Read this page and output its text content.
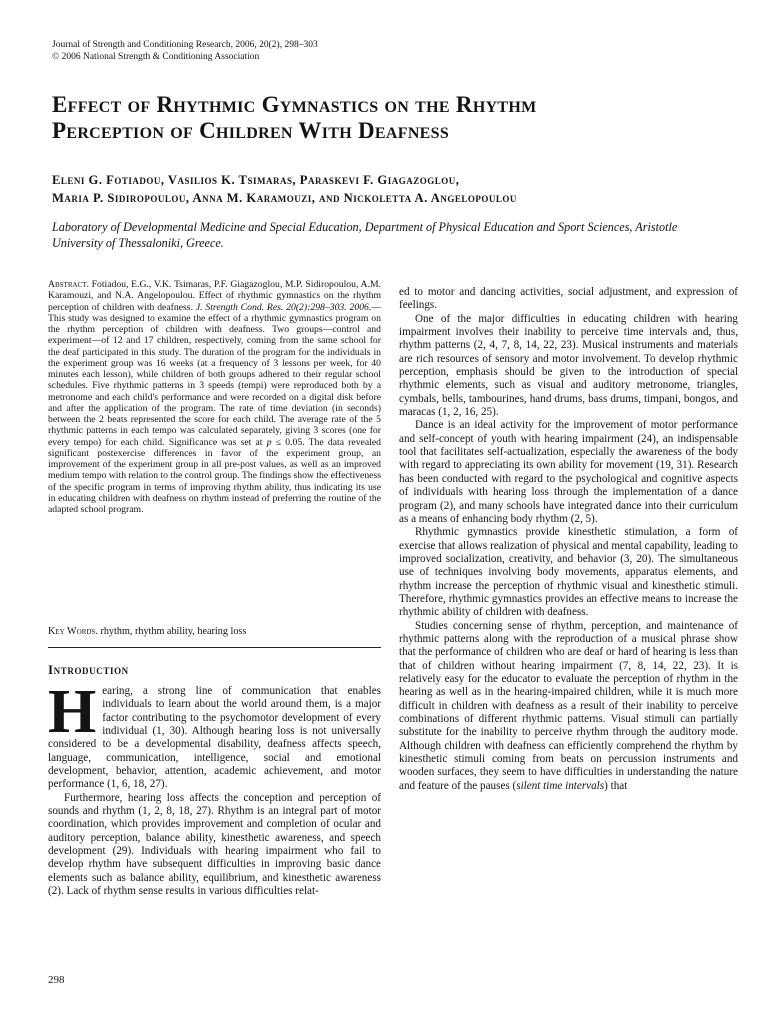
Journal of Strength and Conditioning Research, 2006, 20(2), 298–303
© 2006 National Strength & Conditioning Association
Effect of Rhythmic Gymnastics on the Rhythm
Perception of Children With Deafness
Eleni G. Fotiadou, Vasilios K. Tsimaras, Paraskevi F. Giagazoglou,
Maria P. Sidiropoulou, Anna M. Karamouzi, and Nickoletta A. Angelopoulou
Laboratory of Developmental Medicine and Special Education, Department of Physical Education and Sport Sciences, Aristotle University of Thessaloniki, Greece.
Abstract. Fotiadou, E.G., V.K. Tsimaras, P.F. Giagazoglou, M.P. Sidiropoulou, A.M. Karamouzi, and N.A. Angelopoulou. Effect of rhythmic gymnastics on the rhythm perception of children with deafness. J. Strength Cond. Res. 20(2):298–303. 2006.—This study was designed to examine the effect of a rhythmic gymnastics program on the rhythm perception of children with deafness. Two groups—control and experiment—of 12 and 17 children, respectively, coming from the same school for the deaf participated in this study. The duration of the program for the individuals in the experiment group was 16 weeks (at a frequency of 3 lessons per week, for 40 minutes each lesson), while children of both groups adhered to their regular school schedules. Five rhythmic patterns in 3 speeds (tempi) were reproduced both by a metronome and each child's performance and were recorded on a digital disk before and after the application of the program. The rate of time deviation (in seconds) between the 2 beats represented the score for each child. The average rate of the 5 rhythmic patterns in each tempo was calculated separately, giving 3 scores (one for every tempo) for each child. Significance was set at p ≤ 0.05. The data revealed significant postexercise differences in favor of the experiment group, an improvement of the experiment group in all pre-post values, as well as an improved medium tempo with relation to the control group. The findings show the effectiveness of the specific program in terms of improving rhythm ability, thus indicating its use in educating children with deafness on rhythm instead of preferring the routine of the adapted school program.
Key Words. rhythm, rhythm ability, hearing loss
Introduction

Hearing, a strong line of communication that enables individuals to learn about the world around them, is a major factor contributing to the psychomotor development of every individual (1, 30). Although hearing loss is not universally considered to be a developmental disability, deafness affects speech, language, communication, intelligence, social and emotional development, behavior, attention, academic achievement, and motor performance (1, 6, 18, 27).

Furthermore, hearing loss affects the conception and perception of sounds and rhythm (1, 2, 8, 18, 27). Rhythm is an integral part of motor coordination, which provides improvement and completion of ocular and auditory perception, balance ability, kinesthetic awareness, and speech development (29). Individuals with hearing impairment who fail to develop rhythm have subsequent difficulties in improving basic dance elements such as balance ability, equilibrium, and kinesthetic awareness (2). Lack of rhythm sense results in various difficulties relat-

ed to motor and dancing activities, social adjustment, and expression of feelings.

One of the major difficulties in educating children with hearing impairment involves their inability to perceive time intervals and, thus, rhythm patterns (2, 4, 7, 8, 14, 22, 23). Musical instruments and materials are rich resources of sensory and motor involvement. To develop rhythmic perception, emphasis should be given to the introduction of special rhythmic elements, such as visual and auditory metronome, triangles, cymbals, bells, tambourines, hand drums, bass drums, timpani, bongos, and maracas (1, 2, 16, 25).

Dance is an ideal activity for the improvement of motor performance and self-concept of youth with hearing impairment (24), an indispensable tool that facilitates self-actualization, especially the awareness of the body with regard to appreciating its own ability for movement (19, 31). Research has been conducted with regard to the psychological and cognitive aspects of individuals with hearing loss through the implementation of a dance program (2), and many schools have integrated dance into their curriculum as a means of enhancing body rhythm (2, 5).

Rhythmic gymnastics provide kinesthetic stimulation, a form of exercise that allows realization of physical and mental capability, leading to improved socialization, creativity, and behavior (3, 20). The simultaneous use of techniques involving body movements, apparatus elements, and rhythm increase the perception of rhythmic visual and kinesthetic stimuli. Therefore, rhythmic gymnastics provides an effective means to increase the rhythmic ability of children with deafness.

Studies concerning sense of rhythm, perception, and maintenance of rhythmic patterns along with the reproduction of a musical phrase show that the performance of children who are deaf or hard of hearing is less than that of children without hearing impairment (7, 8, 14, 22, 23). It is relatively easy for the educator to evaluate the perception of rhythm in the hearing as well as in the hearing-impaired children, while it is much more difficult in children with deafness as a result of their inability to perceive combinations of different rhythmic patterns. Visual stimuli can partially substitute for the inability to perceive rhythm through the auditory mode. Although children with deafness can efficiently comprehend the rhythm by kinesthetic stimuli coming from beats on percussion instruments and wooden surfaces, they seem to have difficulties in understanding the nature and feature of the pauses (silent time intervals) that

298
